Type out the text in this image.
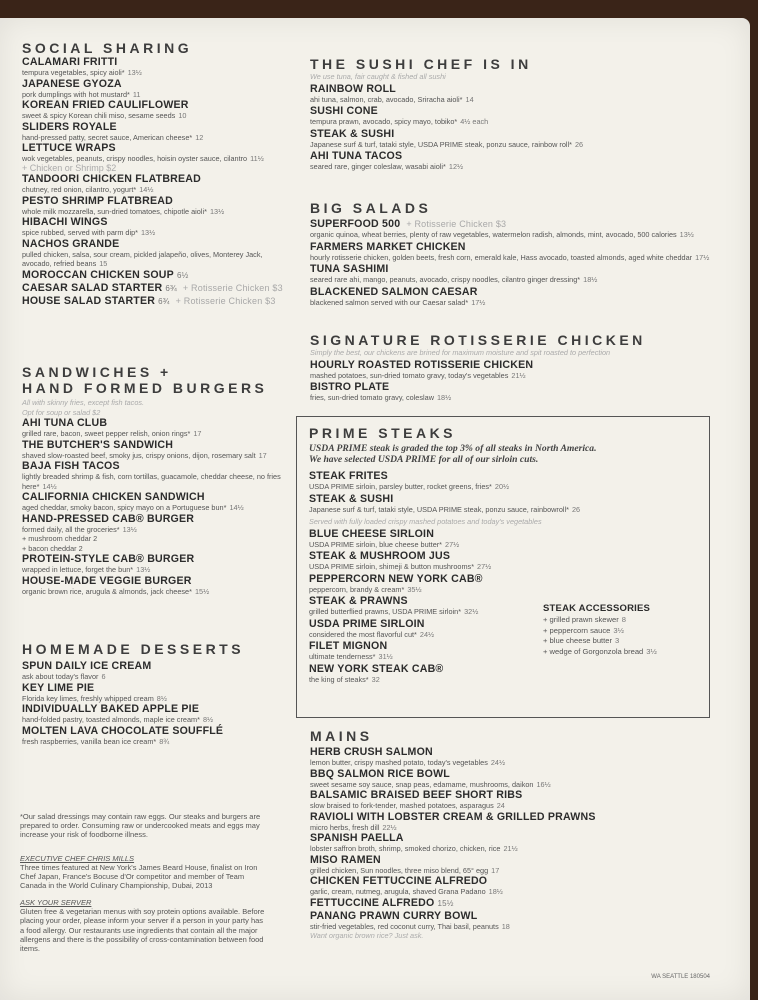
SOCIAL SHARING
CALAMARI FRITTI
tempura vegetables, spicy aioli* 13½
JAPANESE GYOZA
pork dumplings with hot mustard* 11
KOREAN FRIED CAULIFLOWER
sweet & spicy Korean chili miso, sesame seeds 10
SLIDERS ROYALE
hand-pressed patty, secret sauce, American cheese* 12
LETTUCE WRAPS
wok vegetables, peanuts, crispy noodles, hoisin oyster sauce, cilantro 11½
+ Chicken or Shrimp $2
TANDOORI CHICKEN FLATBREAD
chutney, red onion, cilantro, yogurt* 14½
PESTO SHRIMP FLATBREAD
whole milk mozzarella, sun-dried tomatoes, chipotle aioli* 13½
HIBACHI WINGS
spice rubbed, served with parm dip* 13½
NACHOS GRANDE
pulled chicken, salsa, sour cream, pickled jalapeño, olives, Monterey Jack, avocado, refried beans 15
MOROCCAN CHICKEN SOUP 6½
CAESAR SALAD STARTER 6¾ + Rotisserie Chicken $3
HOUSE SALAD STARTER 6¾ + Rotisserie Chicken $3
SANDWICHES +
HAND FORMED BURGERS
All with skinny fries, except fish tacos.
Opt for soup or salad $2
AHI TUNA CLUB
grilled rare, bacon, sweet pepper relish, onion rings* 17
THE BUTCHER'S SANDWICH
shaved slow-roasted beef, smoky jus, crispy onions, dijon, rosemary salt 17
BAJA FISH TACOS
lightly breaded shrimp & fish, corn tortillas, guacamole, cheddar cheese, no fries here* 14½
CALIFORNIA CHICKEN SANDWICH
aged cheddar, smoky bacon, spicy mayo on a Portuguese bun* 14½
HAND-PRESSED CAB® BURGER
formed daily, all the groceries* 13½
+ mushroom cheddar 2
+ bacon cheddar 2
PROTEIN-STYLE CAB® BURGER
wrapped in lettuce, forget the bun* 13½
HOUSE-MADE VEGGIE BURGER
organic brown rice, arugula & almonds, jack cheese* 15½
HOMEMADE DESSERTS
SPUN DAILY ICE CREAM
ask about today's flavor 6
KEY LIME PIE
Florida key limes, freshly whipped cream 8½
INDIVIDUALLY BAKED APPLE PIE
hand-folded pastry, toasted almonds, maple ice cream* 8½
MOLTEN LAVA CHOCOLATE SOUFFLÉ
fresh raspberries, vanilla bean ice cream* 8¾
*Our salad dressings may contain raw eggs. Our steaks and burgers are prepared to order. Consuming raw or undercooked meats and eggs may increase your risk of foodborne illness.
EXECUTIVE CHEF CHRIS MILLS
Three times featured at New York's James Beard House, finalist on Iron Chef Japan, France's Bocuse d'Or competitor and member of Team Canada in the World Culinary Championship, Dubai, 2013
ASK YOUR SERVER
Gluten free & vegetarian menus with soy protein options available. Before placing your order, please inform your server if a person in your party has a food allergy. Our restaurants use ingredients that contain all the major allergens and there is the possibility of cross-contamination between food items.
THE SUSHI CHEF IS IN
We use tuna, fair caught & fished all sushi
RAINBOW ROLL
ahi tuna, salmon, crab, avocado, Sriracha aioli* 14
SUSHI CONE
tempura prawn, avocado, spicy mayo, tobiko* 4½ each
STEAK & SUSHI
Japanese surf & turf, tataki style, USDA PRIME steak, ponzu sauce, rainbow roll* 26
AHI TUNA TACOS
seared rare, ginger coleslaw, wasabi aioli* 12½
BIG SALADS
SUPERFOOD 500 + Rotisserie Chicken $3
organic quinoa, wheat berries, plenty of raw vegetables, watermelon radish, almonds, mint, avocado, 500 calories 13½
FARMERS MARKET CHICKEN
hourly rotisserie chicken, golden beets, fresh corn, emerald kale, Hass avocado, toasted almonds, aged white cheddar 17½
TUNA SASHIMI
seared rare ahi, mango, peanuts, avocado, crispy noodles, cilantro ginger dressing* 18½
BLACKENED SALMON CAESAR
blackened salmon served with our Caesar salad* 17½
SIGNATURE ROTISSERIE CHICKEN
Simply the best, our chickens are brined for maximum moisture and spit roasted to perfection
HOURLY ROASTED ROTISSERIE CHICKEN
mashed potatoes, sun-dried tomato gravy, today's vegetables 21½
BISTRO PLATE
fries, sun-dried tomato gravy, coleslaw 18½
MAINS
HERB CRUSH SALMON
lemon butter, crispy mashed potato, today's vegetables 24½
BBQ SALMON RICE BOWL
sweet sesame soy sauce, snap peas, edamame, mushrooms, daikon 16½
BALSAMIC BRAISED BEEF SHORT RIBS
slow braised to fork-tender, mashed potatoes, asparagus 24
RAVIOLI WITH LOBSTER CREAM & GRILLED PRAWNS
micro herbs, fresh dill 22½
SPANISH PAELLA
lobster saffron broth, shrimp, smoked chorizo, chicken, rice 21½
MISO RAMEN
grilled chicken, Sun noodles, three miso blend, 65° egg 17
CHICKEN FETTUCCINE ALFREDO
garlic, cream, nutmeg, arugula, shaved Grana Padano 18½
FETTUCCINE ALFREDO 15½
PANANG PRAWN CURRY BOWL
stir-fried vegetables, red coconut curry, Thai basil, peanuts 18
Want organic brown rice? Just ask.
PRIME STEAKS
USDA PRIME steak is graded the top 3% of all steaks in North America.
We have selected USDA PRIME for all of our sirloin cuts.
STEAK FRITES
USDA PRIME sirloin, parsley butter, rocket greens, fries* 20½
STEAK & SUSHI
Japanese surf & turf, tataki style, USDA PRIME steak, ponzu sauce, rainbowroll* 26
Served with fully loaded crispy mashed potatoes and today's vegetables
BLUE CHEESE SIRLOIN
USDA PRIME sirloin, blue cheese butter* 27½
STEAK & MUSHROOM JUS
USDA PRIME sirloin, shimeji & button mushrooms* 27½
PEPPERCORN NEW YORK CAB®
peppercorn, brandy & cream* 35½
STEAK & PRAWNS
grilled butterflied prawns, USDA PRIME sirloin* 32½
USDA PRIME SIRLOIN
considered the most flavorful cut* 24½
FILET MIGNON
ultimate tenderness* 31½
NEW YORK STEAK CAB®
the king of steaks* 32
STEAK ACCESSORIES
+ grilled prawn skewer 8
+ peppercorn sauce 3½
+ blue cheese butter 3
+ wedge of Gorgonzola bread 3½
WA SEATTLE 180504
